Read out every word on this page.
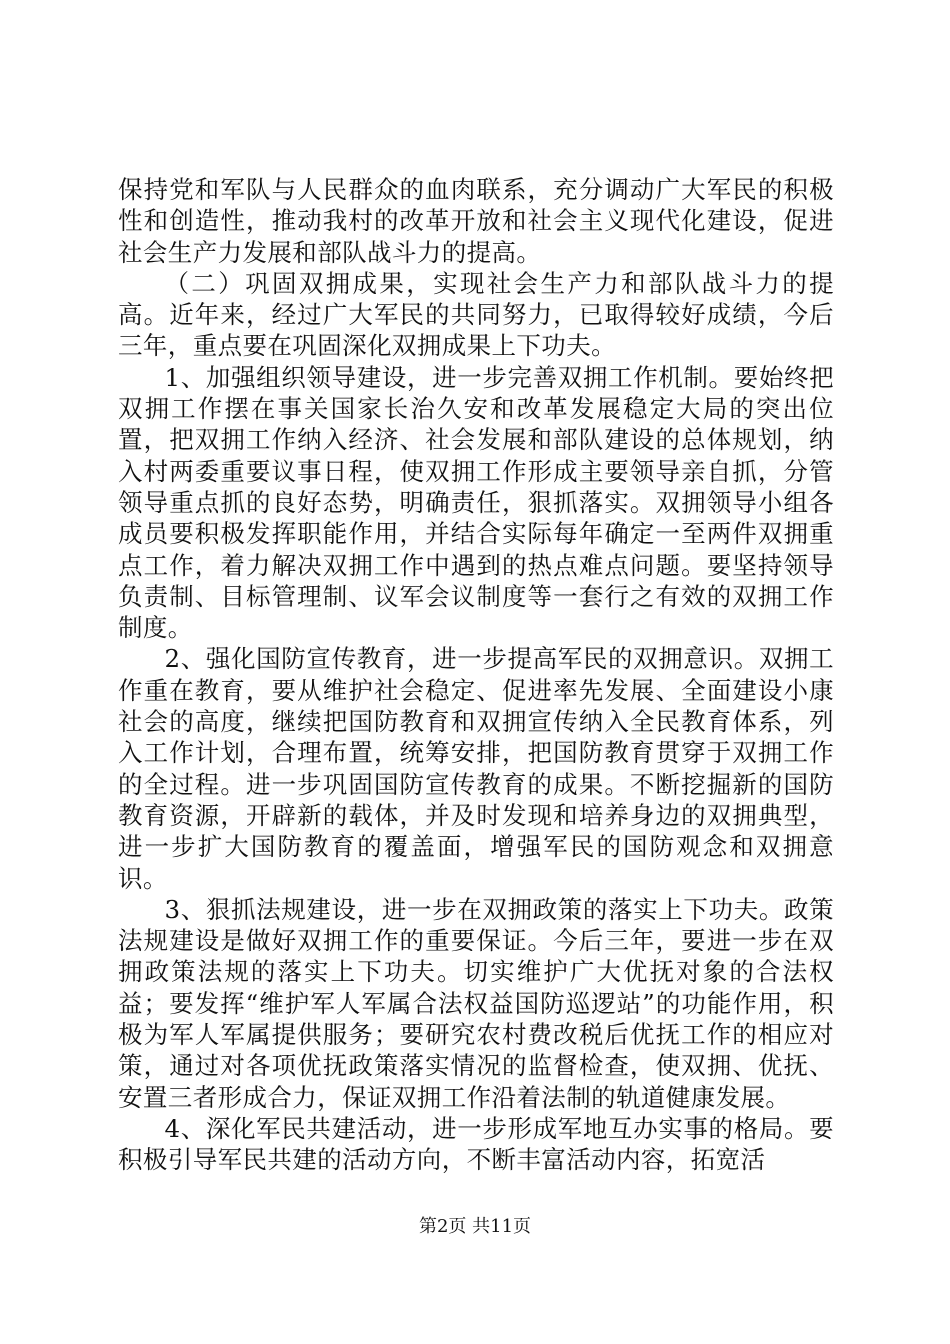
保持党和军队与人民群众的血肉联系，充分调动广大军民的积极性和创造性，推动我村的改革开放和社会主义现代化建设，促进社会生产力发展和部队战斗力的提高。

（二）巩固双拥成果，实现社会生产力和部队战斗力的提高。近年来，经过广大军民的共同努力，已取得较好成绩，今后三年，重点要在巩固深化双拥成果上下功夫。

1、加强组织领导建设，进一步完善双拥工作机制。要始终把双拥工作摆在事关国家长治久安和改革发展稳定大局的突出位置，把双拥工作纳入经济、社会发展和部队建设的总体规划，纳入村两委重要议事日程，使双拥工作形成主要领导亲自抓，分管领导重点抓的良好态势，明确责任，狠抓落实。双拥领导小组各成员要积极发挥职能作用，并结合实际每年确定一至两件双拥重点工作，着力解决双拥工作中遇到的热点难点问题。要坚持领导负责制、目标管理制、议军会议制度等一套行之有效的双拥工作制度。

2、强化国防宣传教育，进一步提高军民的双拥意识。双拥工作重在教育，要从维护社会稳定、促进率先发展、全面建设小康社会的高度，继续把国防教育和双拥宣传纳入全民教育体系，列入工作计划，合理布置，统筹安排，把国防教育贯穿于双拥工作的全过程。进一步巩固国防宣传教育的成果。不断挖掘新的国防教育资源，开辟新的载体，并及时发现和培养身边的双拥典型，进一步扩大国防教育的覆盖面，增强军民的国防观念和双拥意识。

3、狠抓法规建设，进一步在双拥政策的落实上下功夫。政策法规建设是做好双拥工作的重要保证。今后三年，要进一步在双拥政策法规的落实上下功夫。切实维护广大优抚对象的合法权益；要发挥“维护军人军属合法权益国防巡逻站”的功能作用，积极为军人军属提供服务；要研究农村费改税后优抚工作的相应对策，通过对各项优抚政策落实情况的监督检查，使双拥、优抚、安置三者形成合力，保证双拥工作沿着法制的轨道健康发展。

4、深化军民共建活动，进一步形成军地互办实事的格局。要积极引导军民共建的活动方向，不断丰富活动内容，拓宽活

第2页 共11页
